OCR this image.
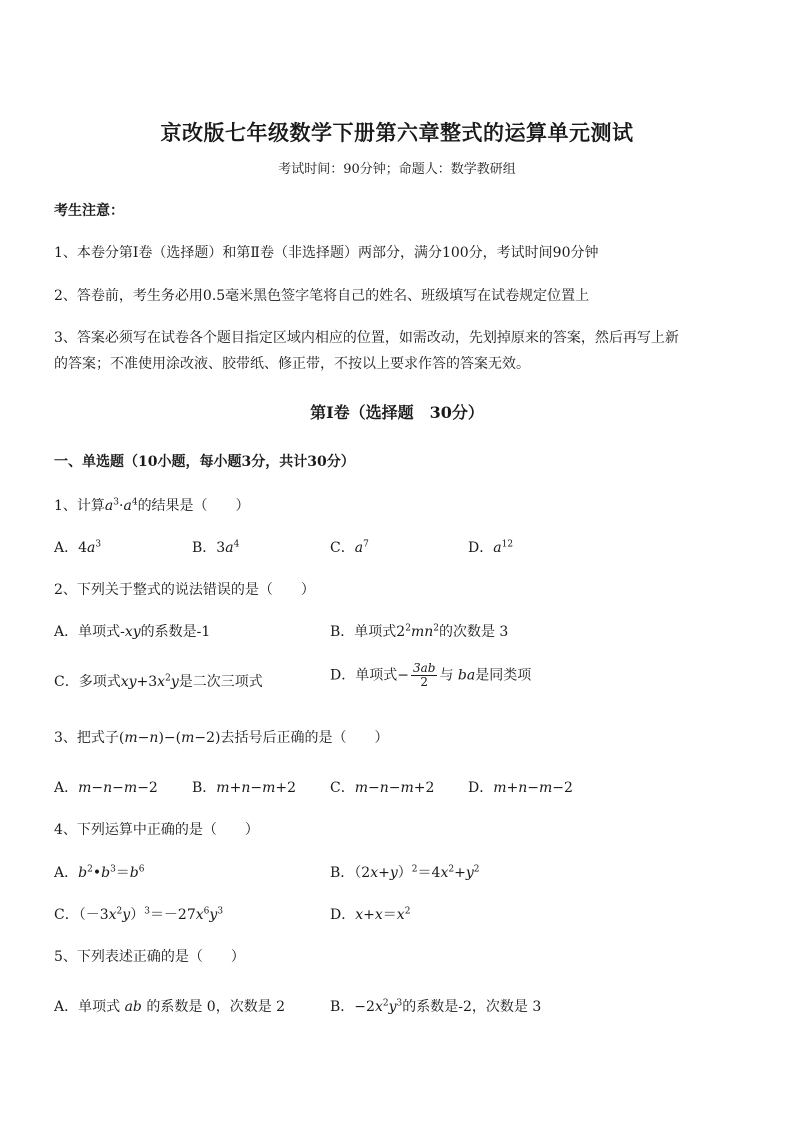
京改版七年级数学下册第六章整式的运算单元测试
考试时间：90分钟；命题人：数学教研组
考生注意：
1、本卷分第Ⅰ卷（选择题）和第Ⅱ卷（非选择题）两部分，满分100分，考试时间90分钟
2、答卷前，考生务必用0.5毫米黑色签字笔将自己的姓名、班级填写在试卷规定位置上
3、答案必须写在试卷各个题目指定区域内相应的位置，如需改动，先划掉原来的答案，然后再写上新
的答案；不准使用涂改液、胶带纸、修正带，不按以上要求作答的答案无效。
第Ⅰ卷（选择题　30分）
一、单选题（10小题，每小题3分，共计30分）
1、计算$a^3\cdot a^4$的结果是（　　）
A．$4a^3$	B．$3a^4$	C．$a^7$	D．$a^{12}$
2、下列关于整式的说法错误的是（　　）
A．单项式-xy的系数是-1	B．单项式$2^2mn^2$的次数是 3
C．多项式$xy+3x^2y$是二次三项式	D．单项式− $\frac{3ab}{2}$ 与 ba是同类项
3、把式子(m−n)−(m−2)去括号后正确的是（　　）
A．m−n−m−2 B．m+n−m+2 C．m−n−m+2 D．m+n−m−2
4、下列运算中正确的是（　　）
A．$b^2•b^3=b^6$	B．$(2x+y)^2=4x^2+y^2$
C．$(-3x^2y)^3=-27x^6y^3$	D．$x+x=x^2$
5、下列表述正确的是（　　）
A．单项式 ab 的系数是 0，次数是 2	B．$-2x^2y^3$的系数是-2，次数是 3
